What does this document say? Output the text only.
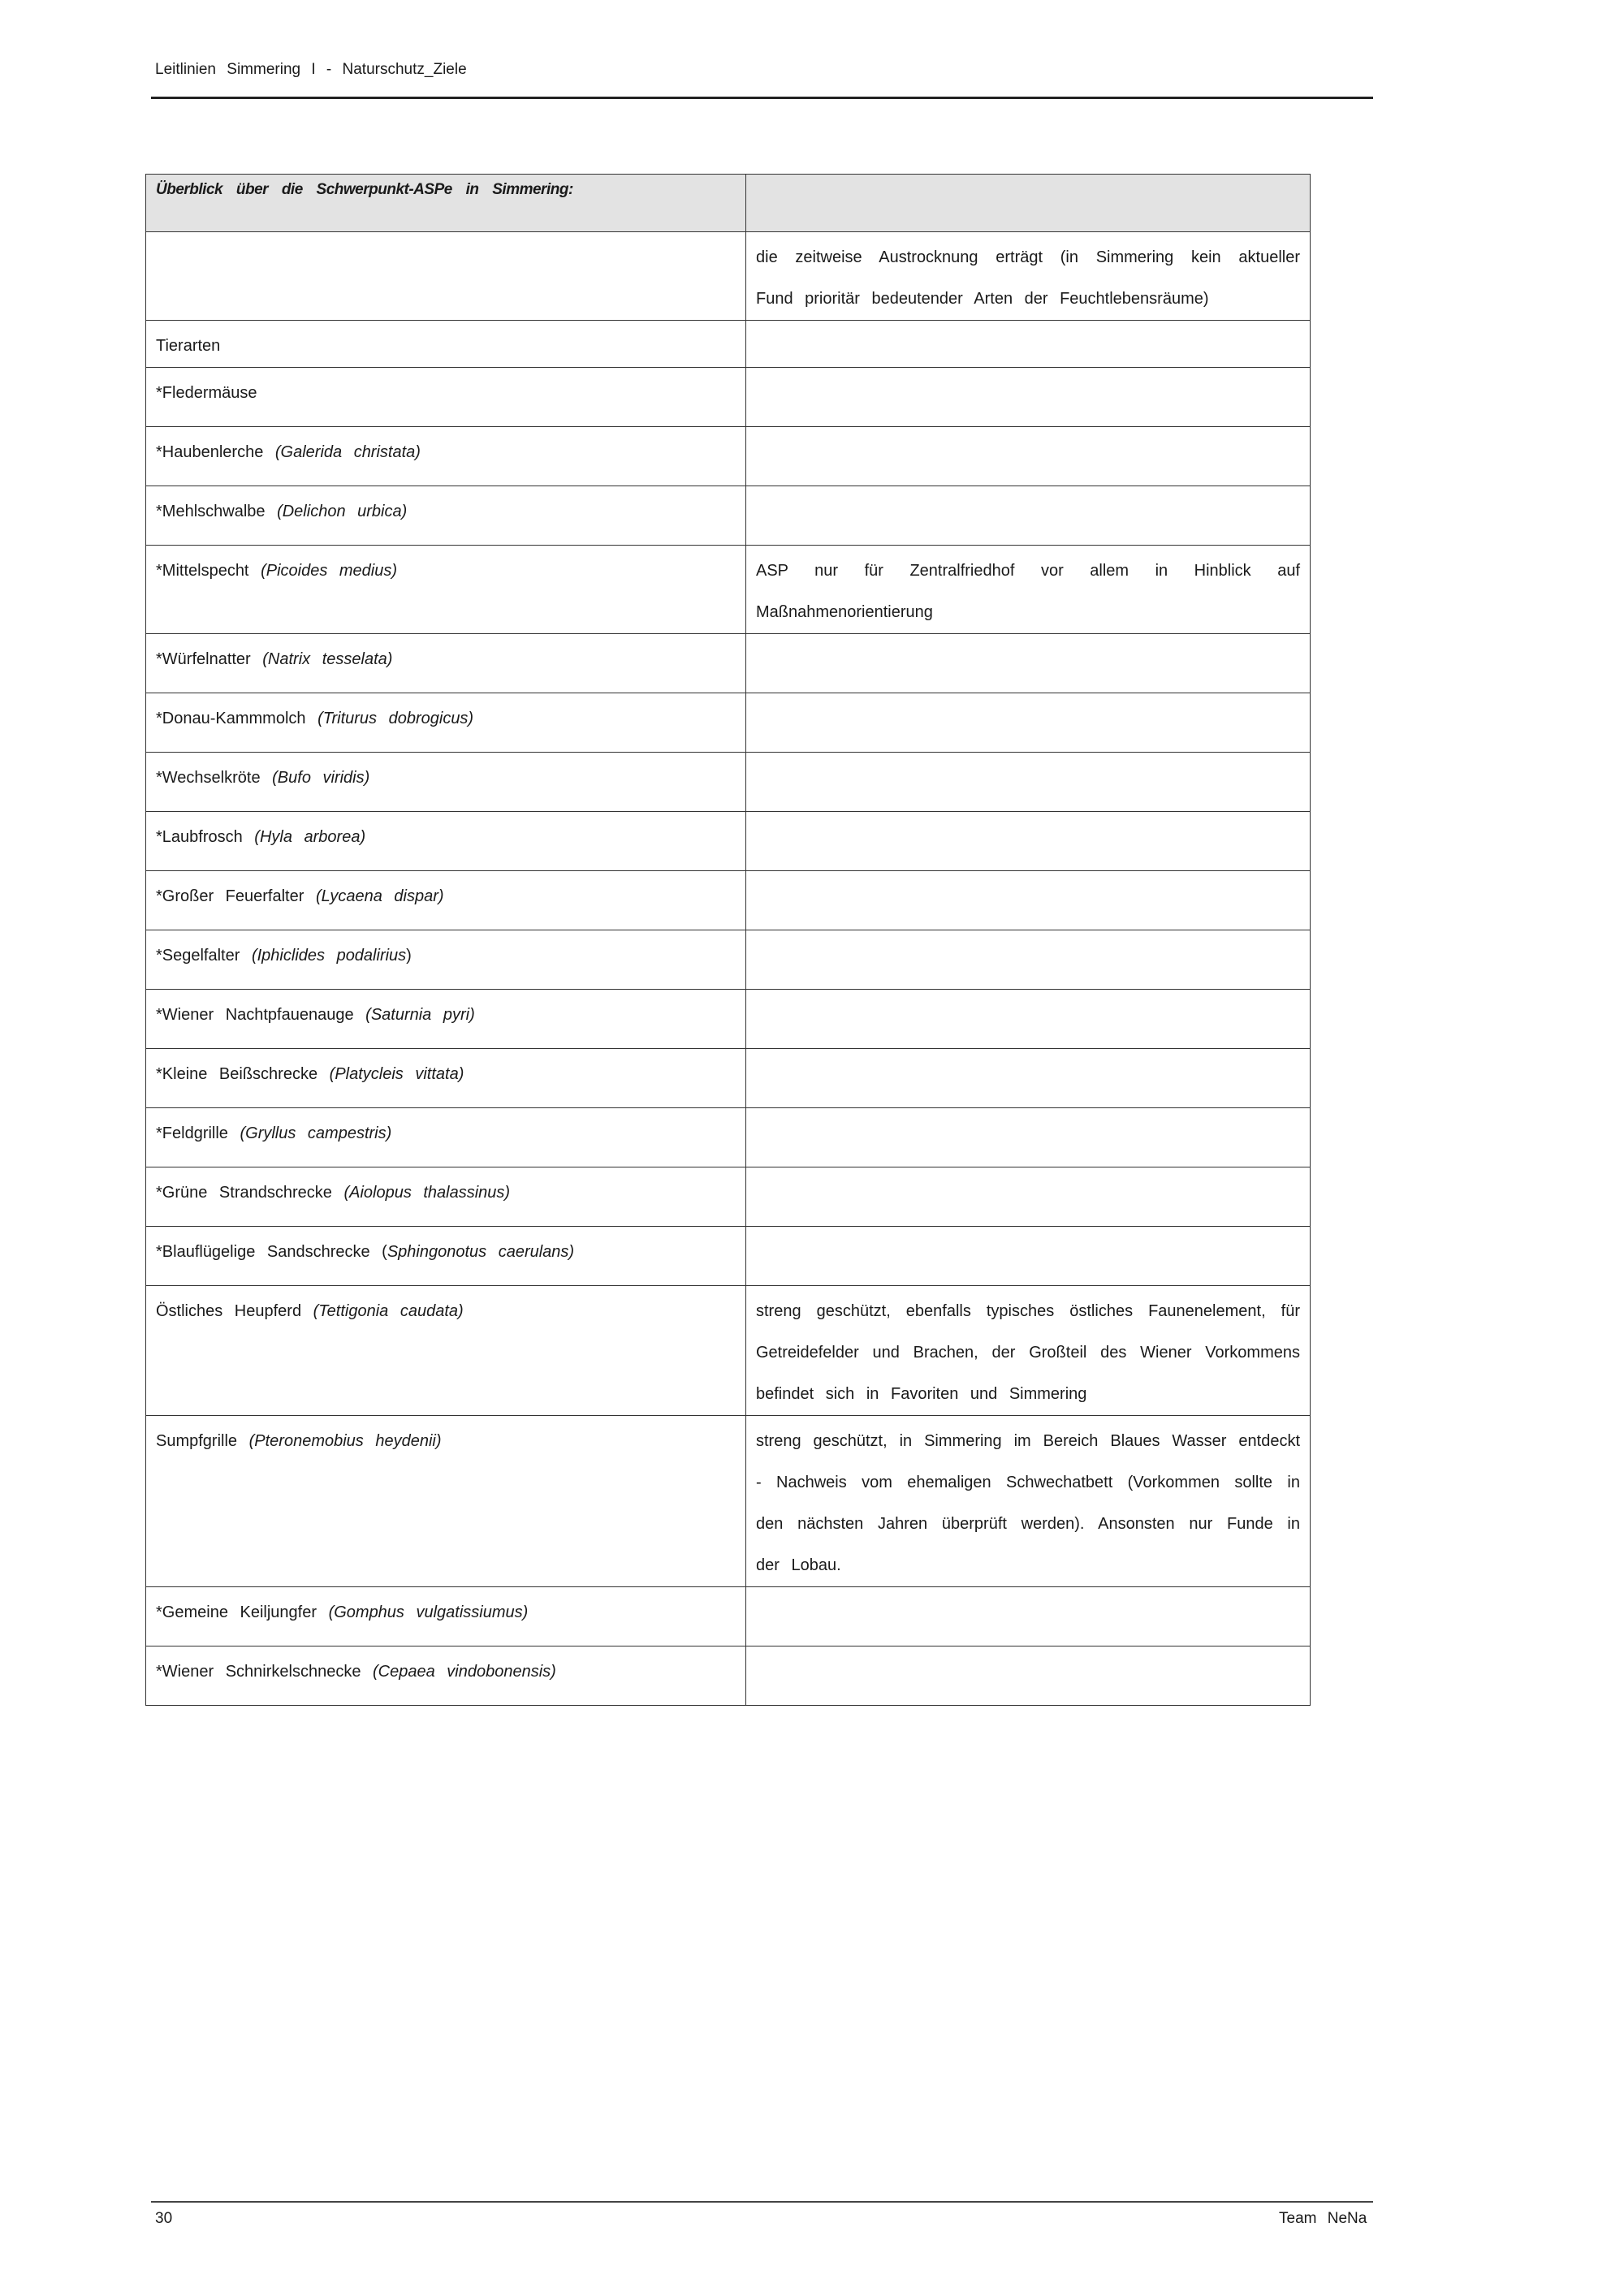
Leitlinien Simmering I - Naturschutz_Ziele
Überblick über die Schwerpunkt-ASPe in Simmering:	
	die zeitweise Austrocknung erträgt (in Simmering kein aktueller Fund prioritär bedeutender Arten der Feuchtlebensräume)
Tierarten	
*Fledermäuse	
*Haubenlerche (Galerida christata)	
*Mehlschwalbe (Delichon urbica)	
*Mittelspecht (Picoides medius)	ASP nur für Zentralfriedhof vor allem in Hinblick auf Maßnahmenorientierung
*Würfelnatter (Natrix tesselata)	
*Donau-Kammmolch (Triturus dobrogicus)	
*Wechselkröte (Bufo viridis)	
*Laubfrosch (Hyla arborea)	
*Großer Feuerfalter (Lycaena dispar)	
*Segelfalter (Iphiclides podalirius)	
*Wiener Nachtpfauenauge (Saturnia pyri)	
*Kleine Beißschrecke (Platycleis vittata)	
*Feldgrille (Gryllus campestris)	
*Grüne Strandschrecke (Aiolopus thalassinus)	
*Blauflügelige Sandschrecke (Sphingonotus caerulans)	
Östliches Heupferd (Tettigonia caudata)	streng geschützt, ebenfalls typisches östliches Faunenelement, für Getreidefelder und Brachen, der Großteil des Wiener Vorkommens befindet sich in Favoriten und Simmering
Sumpfgrille (Pteronemobius heydenii)	streng geschützt, in Simmering im Bereich Blaues Wasser entdeckt - Nachweis vom ehemaligen Schwechatbett (Vorkommen sollte in den nächsten Jahren überprüft werden). Ansonsten nur Funde in der Lobau.
*Gemeine Keiljungfer (Gomphus vulgatissiumus)	
*Wiener Schnirkelschnecke (Cepaea vindobonensis)	
30	Team NeNa
